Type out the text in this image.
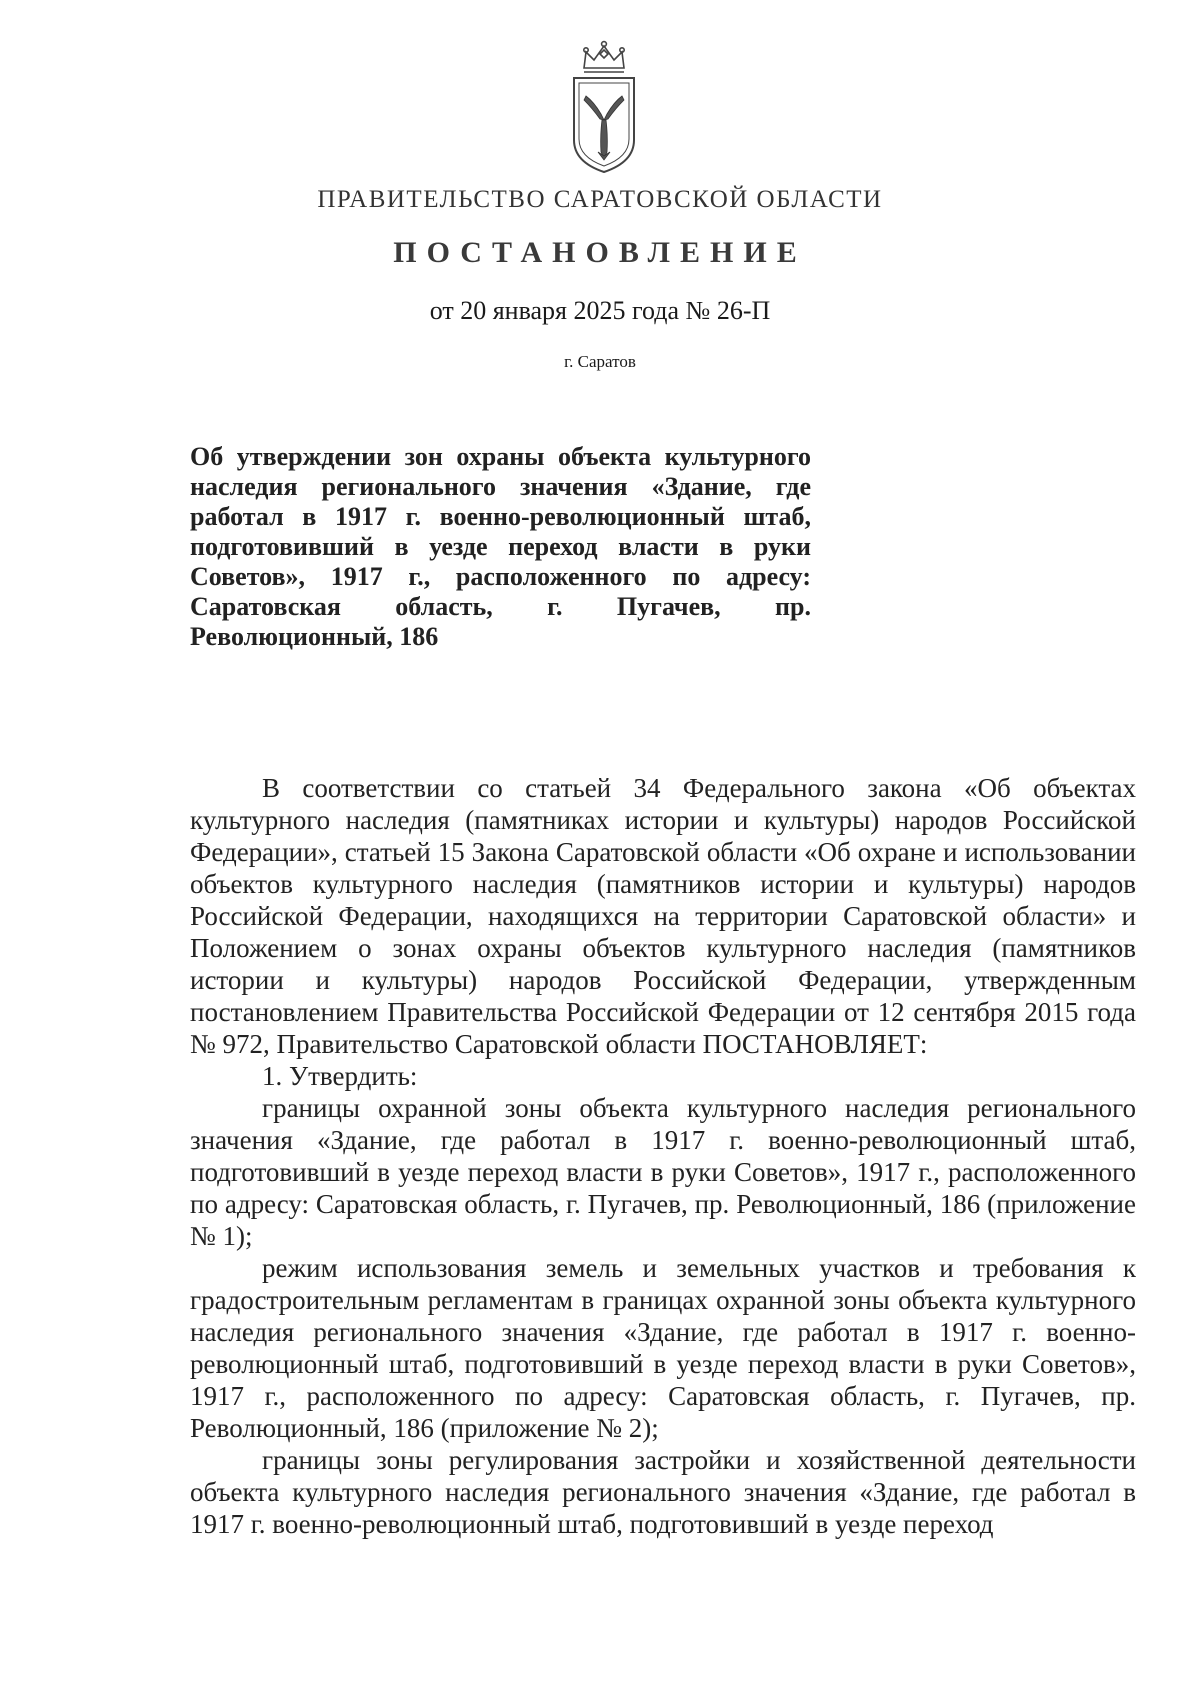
ПРАВИТЕЛЬСТВО САРАТОВСКОЙ ОБЛАСТИ
ПОСТАНОВЛЕНИЕ
от 20 января 2025 года № 26-П
г. Саратов

Об утверждении зон охраны объекта культурного наследия регионального значения «Здание, где работал в 1917 г. военно-революционный штаб, подготовивший в уезде переход власти в руки Советов», 1917 г., расположенного по адресу: Саратовская область, г. Пугачев, пр. Революционный, 186

В соответствии со статьей 34 Федерального закона «Об объектах культурного наследия (памятниках истории и культуры) народов Российской Федерации», статьей 15 Закона Саратовской области «Об охране и использовании объектов культурного наследия (памятников истории и культуры) народов Российской Федерации, находящихся на территории Саратовской области» и Положением о зонах охраны объектов культурного наследия (памятников истории и культуры) народов Российской Федерации, утвержденным постановлением Правительства Российской Федерации от 12 сентября 2015 года № 972, Правительство Саратовской области ПОСТАНОВЛЯЕТ:

1. Утвердить:

границы охранной зоны объекта культурного наследия регионального значения «Здание, где работал в 1917 г. военно-революционный штаб, подготовивший в уезде переход власти в руки Советов», 1917 г., расположенного по адресу: Саратовская область, г. Пугачев, пр. Революционный, 186 (приложение № 1);

режим использования земель и земельных участков и требования к градостроительным регламентам в границах охранной зоны объекта культурного наследия регионального значения «Здание, где работал в 1917 г. военно-революционный штаб, подготовивший в уезде переход власти в руки Советов», 1917 г., расположенного по адресу: Саратовская область, г. Пугачев, пр. Революционный, 186 (приложение № 2);

границы зоны регулирования застройки и хозяйственной деятельности объекта культурного наследия регионального значения «Здание, где работал в 1917 г. военно-революционный штаб, подготовивший в уезде переход
